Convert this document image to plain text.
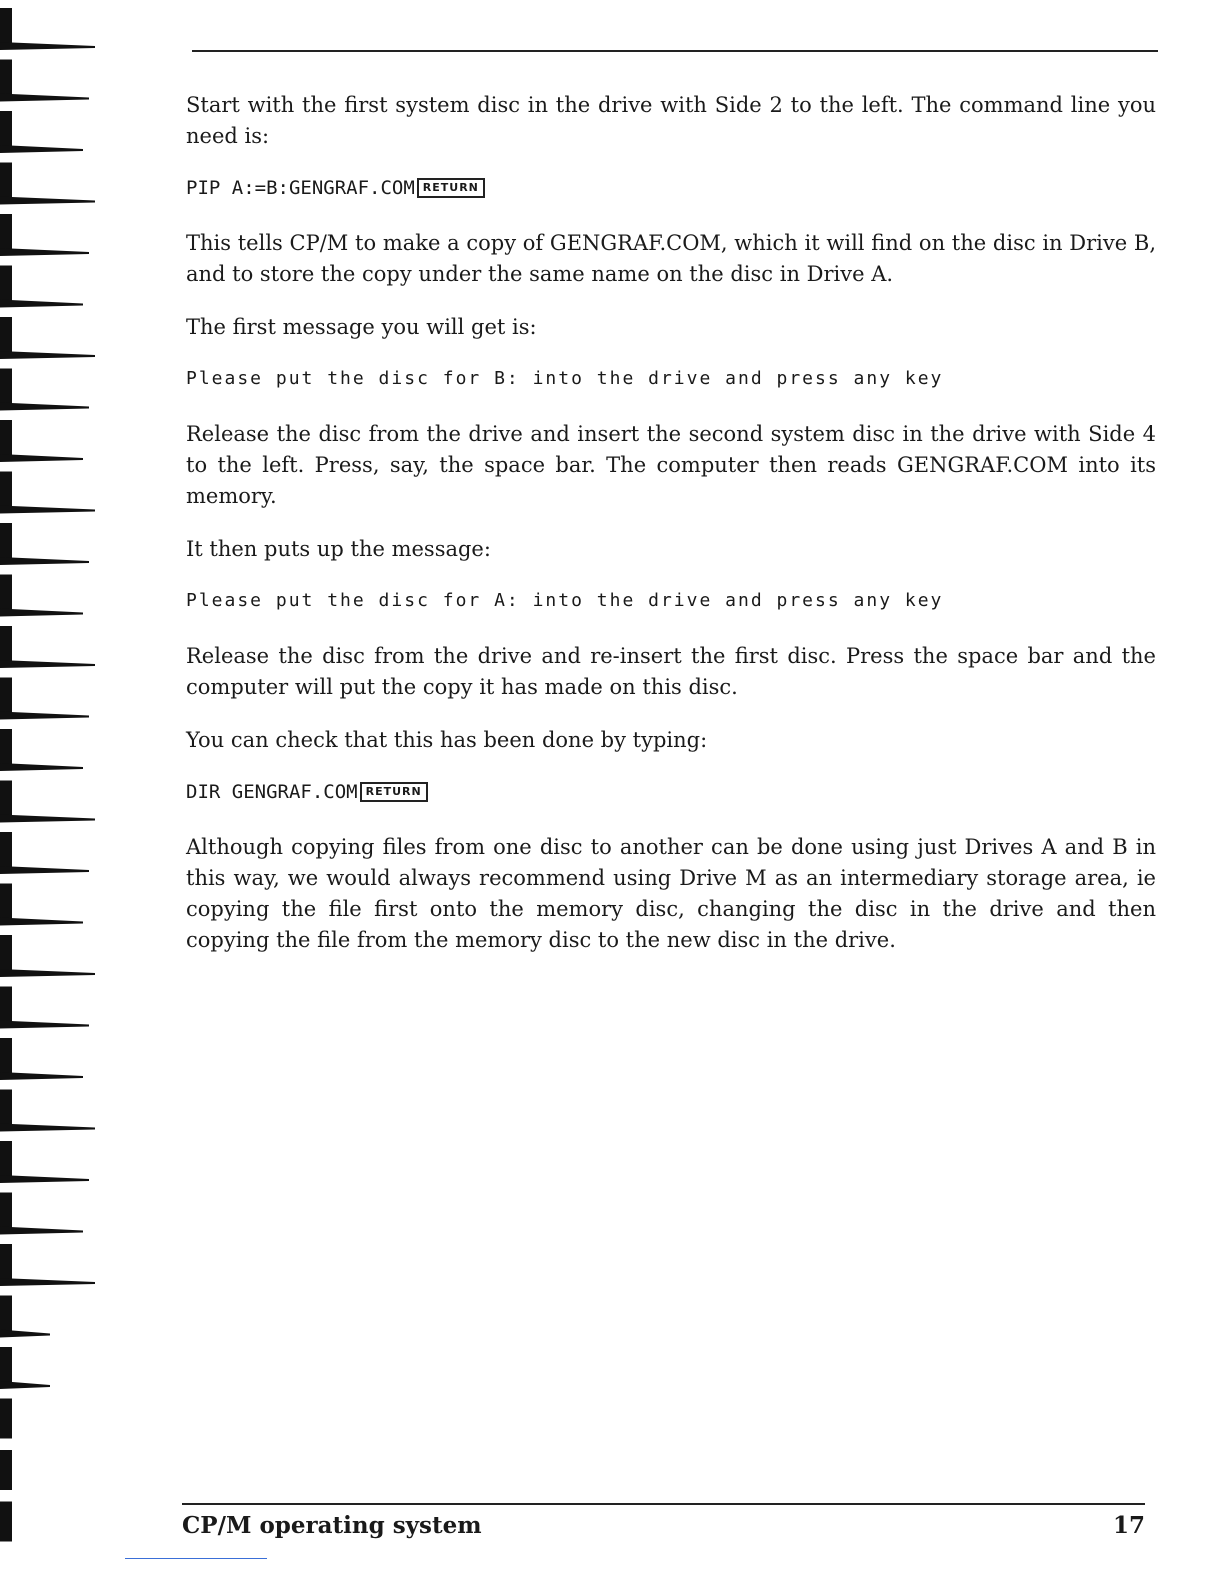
Start with the first system disc in the drive with Side 2 to the left. The command line you need is:

PIP A:=B:GENGRAF.COM RETURN

This tells CP/M to make a copy of GENGRAF.COM, which it will find on the disc in Drive B, and to store the copy under the same name on the disc in Drive A.

The first message you will get is:

Please put the disc for B: into the drive and press any key

Release the disc from the drive and insert the second system disc in the drive with Side 4 to the left. Press, say, the space bar. The computer then reads GENGRAF.COM into its memory.

It then puts up the message:

Please put the disc for A: into the drive and press any key

Release the disc from the drive and re-insert the first disc. Press the space bar and the computer will put the copy it has made on this disc.

You can check that this has been done by typing:

DIR GENGRAF.COM RETURN

Although copying files from one disc to another can be done using just Drives A and B in this way, we would always recommend using Drive M as an intermediary storage area, ie copying the file first onto the memory disc, changing the disc in the drive and then copying the file from the memory disc to the new disc in the drive.

CP/M operating system	17
